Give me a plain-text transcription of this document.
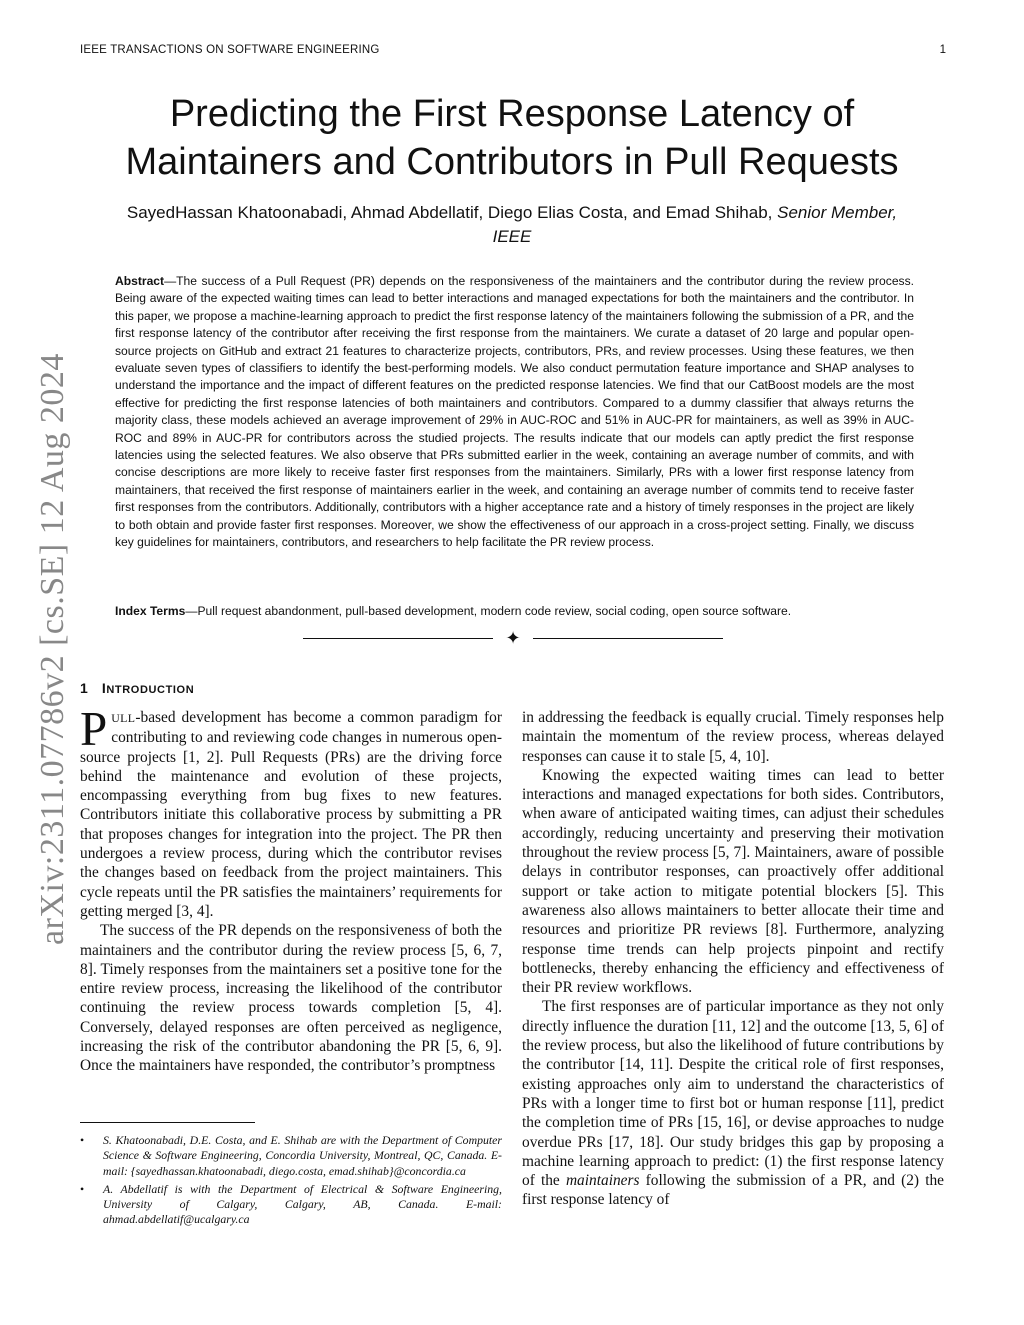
IEEE TRANSACTIONS ON SOFTWARE ENGINEERING	1
Predicting the First Response Latency of
Maintainers and Contributors in Pull Requests
SayedHassan Khatoonabadi, Ahmad Abdellatif, Diego Elias Costa, and Emad Shihab, Senior Member,
IEEE
Abstract—The success of a Pull Request (PR) depends on the responsiveness of the maintainers and the contributor during the review process. Being aware of the expected waiting times can lead to better interactions and managed expectations for both the maintainers and the contributor. In this paper, we propose a machine-learning approach to predict the first response latency of the maintainers following the submission of a PR, and the first response latency of the contributor after receiving the first response from the maintainers. We curate a dataset of 20 large and popular open-source projects on GitHub and extract 21 features to characterize projects, contributors, PRs, and review processes. Using these features, we then evaluate seven types of classifiers to identify the best-performing models. We also conduct permutation feature importance and SHAP analyses to understand the importance and the impact of different features on the predicted response latencies. We find that our CatBoost models are the most effective for predicting the first response latencies of both maintainers and contributors. Compared to a dummy classifier that always returns the majority class, these models achieved an average improvement of 29% in AUC-ROC and 51% in AUC-PR for maintainers, as well as 39% in AUC-ROC and 89% in AUC-PR for contributors across the studied projects. The results indicate that our models can aptly predict the first response latencies using the selected features. We also observe that PRs submitted earlier in the week, containing an average number of commits, and with concise descriptions are more likely to receive faster first responses from the maintainers. Similarly, PRs with a lower first response latency from maintainers, that received the first response of maintainers earlier in the week, and containing an average number of commits tend to receive faster first responses from the contributors. Additionally, contributors with a higher acceptance rate and a history of timely responses in the project are likely to both obtain and provide faster first responses. Moreover, we show the effectiveness of our approach in a cross-project setting. Finally, we discuss key guidelines for maintainers, contributors, and researchers to help facilitate the PR review process.
Index Terms—Pull request abandonment, pull-based development, modern code review, social coding, open source software.
✦
arXiv:2311.07786v2 [cs.SE] 12 Aug 2024 1 INTRODUCTION

PULL-based development has become a common paradigm for contributing to and reviewing code changes in numerous open-source projects [1, 2]. Pull Requests (PRs) are the driving force behind the maintenance and evolution of these projects, encompassing everything from bug fixes to new features. Contributors initiate this collaborative process by submitting a PR that proposes changes for integration into the project. The PR then undergoes a review process, during which the contributor revises the changes based on feedback from the project maintainers. This cycle repeats until the PR satisfies the maintainers’ requirements for getting merged [3, 4].

The success of the PR depends on the responsiveness of both the maintainers and the contributor during the review process [5, 6, 7, 8]. Timely responses from the maintainers set a positive tone for the entire review process, increasing the likelihood of the contributor continuing the review process towards completion [5, 4]. Conversely, delayed responses are often perceived as negligence, increasing the risk of the contributor abandoning the PR [5, 6, 9]. Once the maintainers have responded, the contributor’s promptness

• S. Khatoonabadi, D.E. Costa, and E. Shihab are with the Department of Computer Science & Software Engineering, Concordia University, Montreal, QC, Canada. E-mail: {sayedhassan.khatoonabadi, diego.costa, emad.shihab}@concordia.ca
• A. Abdellatif is with the Department of Electrical & Software Engineering, University of Calgary, Calgary, AB, Canada. E-mail: ahmad.abdellatif@ucalgary.ca

in addressing the feedback is equally crucial. Timely responses help maintain the momentum of the review process, whereas delayed responses can cause it to stale [5, 4, 10].

Knowing the expected waiting times can lead to better interactions and managed expectations for both sides. Contributors, when aware of anticipated waiting times, can adjust their schedules accordingly, reducing uncertainty and preserving their motivation throughout the review process [5, 7]. Maintainers, aware of possible delays in contributor responses, can proactively offer additional support or take action to mitigate potential blockers [5]. This awareness also allows maintainers to better allocate their time and resources and prioritize PR reviews [8]. Furthermore, analyzing response time trends can help projects pinpoint and rectify bottlenecks, thereby enhancing the efficiency and effectiveness of their PR review workflows.

The first responses are of particular importance as they not only directly influence the duration [11, 12] and the outcome [13, 5, 6] of the review process, but also the likelihood of future contributions by the contributor [14, 11]. Despite the critical role of first responses, existing approaches only aim to understand the characteristics of PRs with a longer time to first bot or human response [11], predict the completion time of PRs [15, 16], or devise approaches to nudge overdue PRs [17, 18]. Our study bridges this gap by proposing a machine learning approach to predict: (1) the first response latency of the maintainers following the submission of a PR, and (2) the first response latency of
